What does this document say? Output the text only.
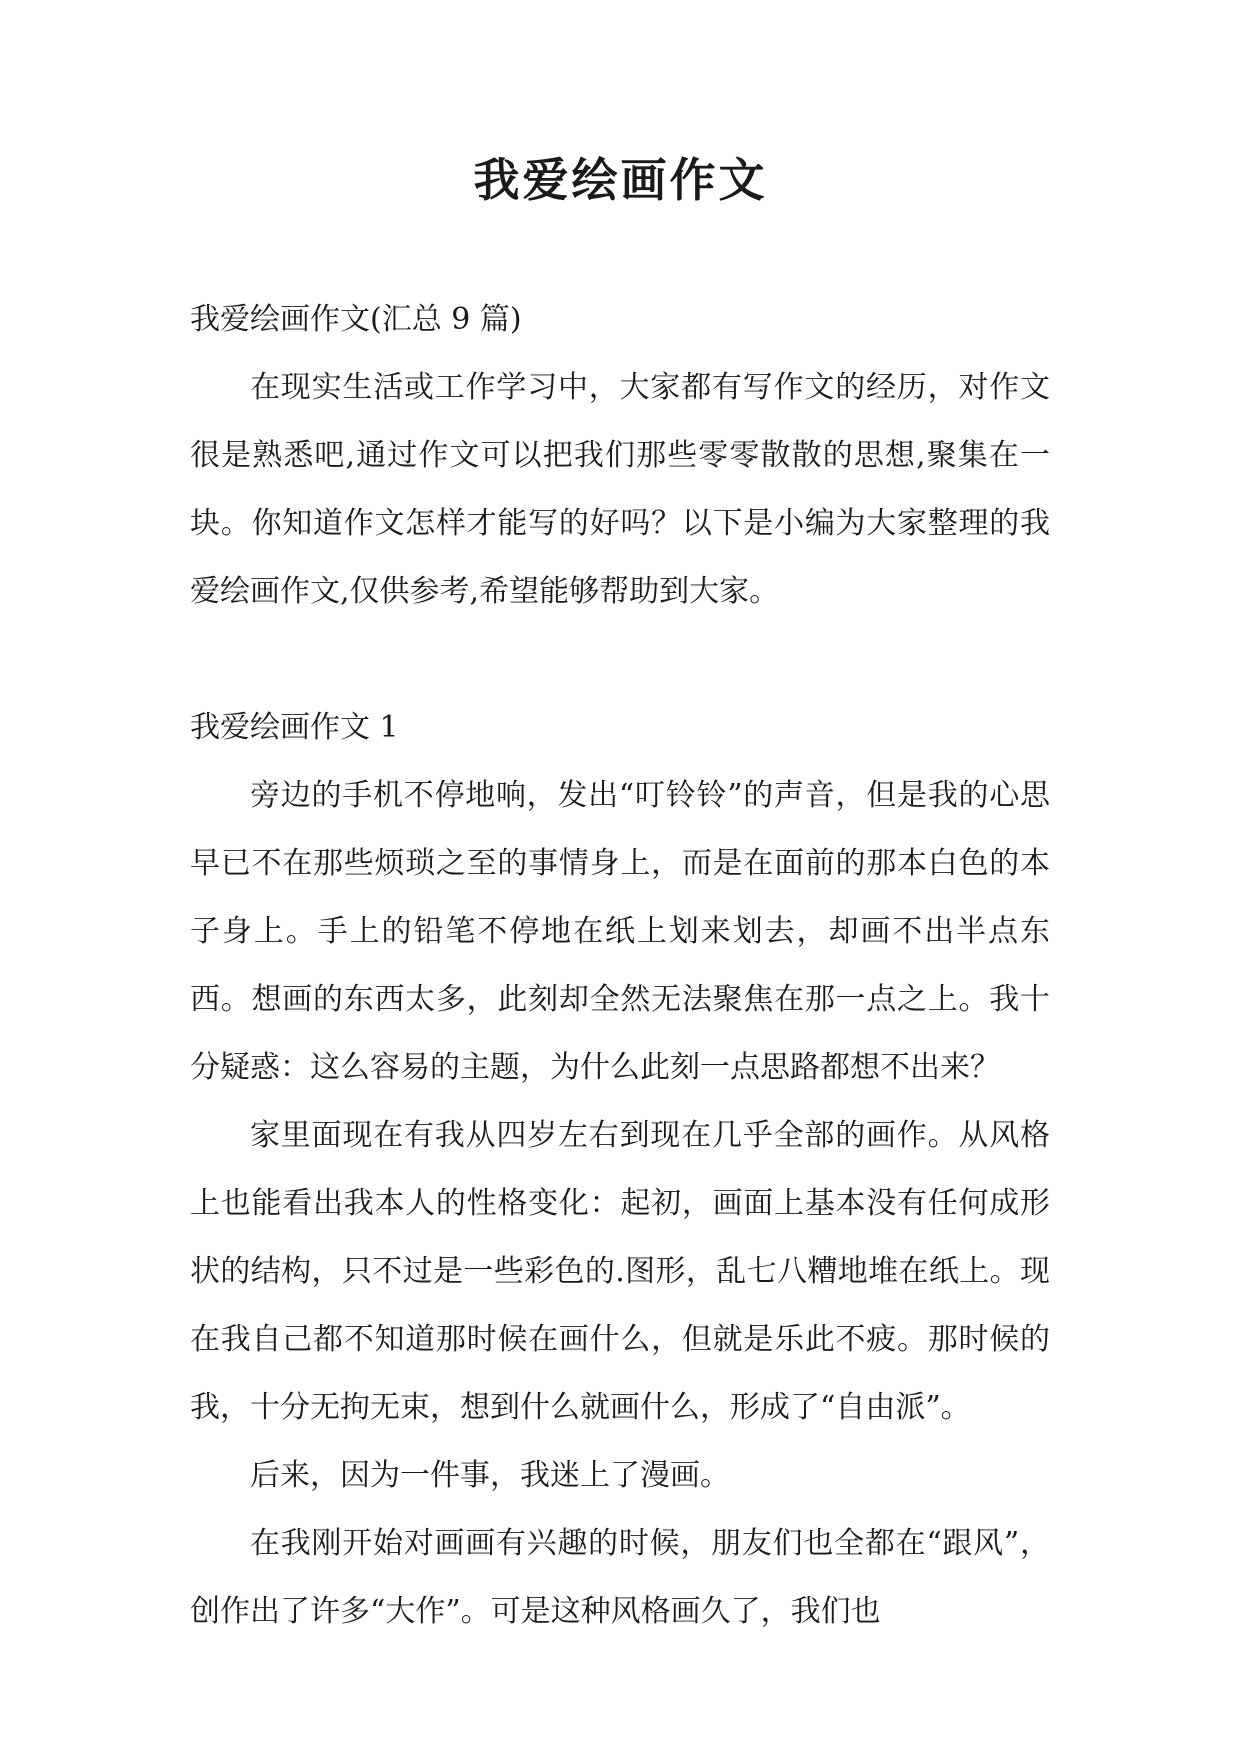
我爱绘画作文

我爱绘画作文(汇总 9 篇)

在现实生活或工作学习中，大家都有写作文的经历，对作文很是熟悉吧,通过作文可以把我们那些零零散散的思想,聚集在一块。你知道作文怎样才能写的好吗？以下是小编为大家整理的我爱绘画作文,仅供参考,希望能够帮助到大家。

我爱绘画作文 1

旁边的手机不停地响，发出“叮铃铃”的声音，但是我的心思早已不在那些烦琐之至的事情身上，而是在面前的那本白色的本子身上。手上的铅笔不停地在纸上划来划去，却画不出半点东西。想画的东西太多，此刻却全然无法聚焦在那一点之上。我十分疑惑：这么容易的主题，为什么此刻一点思路都想不出来？

家里面现在有我从四岁左右到现在几乎全部的画作。从风格上也能看出我本人的性格变化：起初，画面上基本没有任何成形状的结构，只不过是一些彩色的.图形，乱七八糟地堆在纸上。现在我自己都不知道那时候在画什么，但就是乐此不疲。那时候的我，十分无拘无束，想到什么就画什么，形成了“自由派”。

后来，因为一件事，我迷上了漫画。

在我刚开始对画画有兴趣的时候，朋友们也全都在“跟风”，创作出了许多“大作”。可是这种风格画久了，我们也
